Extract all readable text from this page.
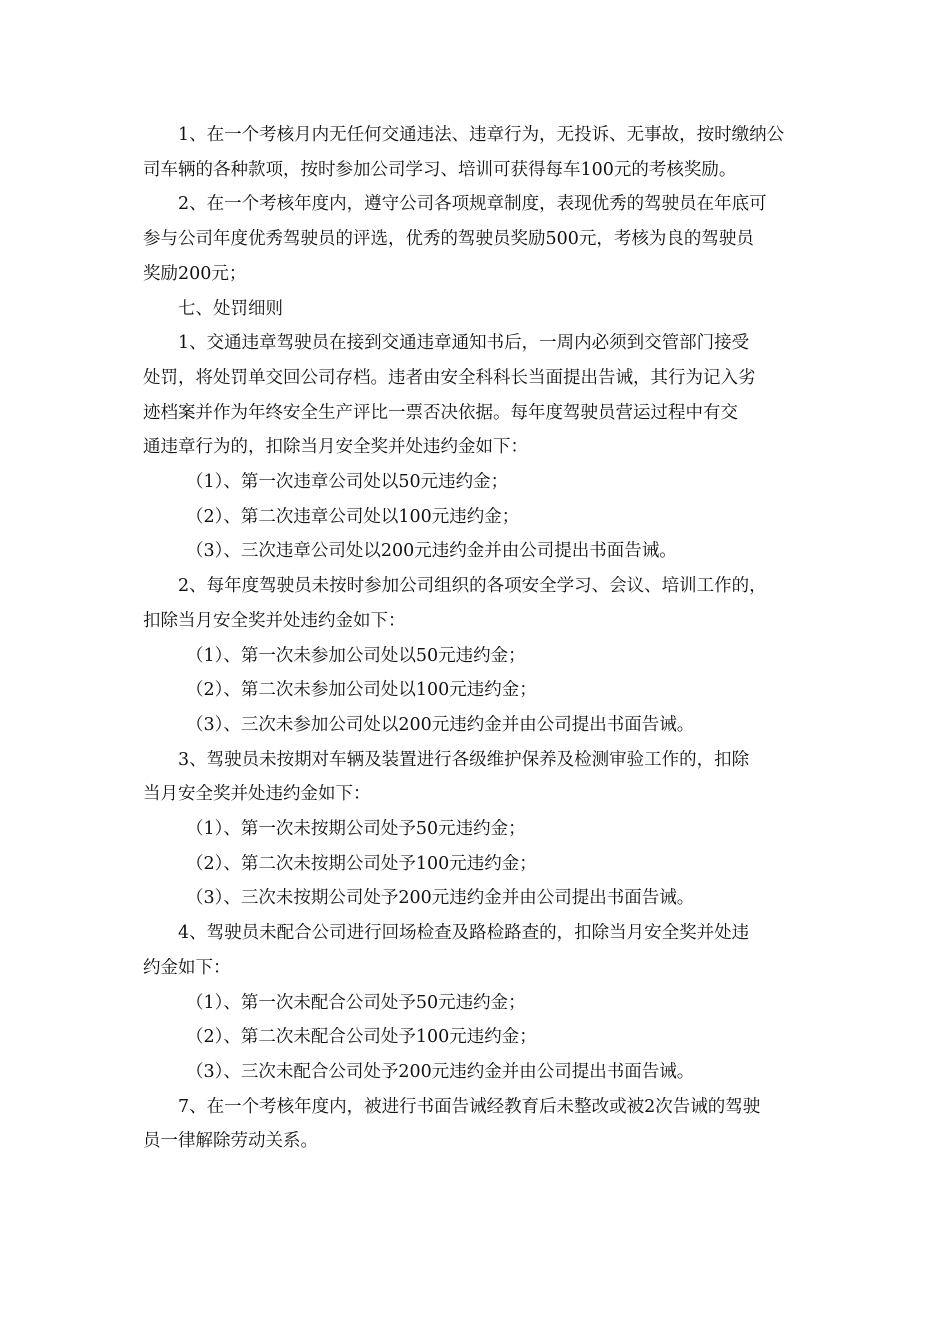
1、在一个考核月内无任何交通违法、违章行为，无投诉、无事故，按时缴纳公

司车辆的各种款项，按时参加公司学习、培训可获得每车100元的考核奖励。

2、在一个考核年度内，遵守公司各项规章制度，表现优秀的驾驶员在年底可

参与公司年度优秀驾驶员的评选，优秀的驾驶员奖励500元，考核为良的驾驶员

奖励200元；

七、处罚细则

1、交通违章驾驶员在接到交通违章通知书后，一周内必须到交管部门接受

处罚，将处罚单交回公司存档。违者由安全科科长当面提出告诫，其行为记入劣

迹档案并作为年终安全生产评比一票否决依据。每年度驾驶员营运过程中有交

通违章行为的，扣除当月安全奖并处违约金如下：

（1）、第一次违章公司处以50元违约金；

（2）、第二次违章公司处以100元违约金；

（3）、三次违章公司处以200元违约金并由公司提出书面告诫。

2、每年度驾驶员未按时参加公司组织的各项安全学习、会议、培训工作的，

扣除当月安全奖并处违约金如下：

（1）、第一次未参加公司处以50元违约金；

（2）、第二次未参加公司处以100元违约金；

（3）、三次未参加公司处以200元违约金并由公司提出书面告诫。

3、驾驶员未按期对车辆及装置进行各级维护保养及检测审验工作的，扣除

当月安全奖并处违约金如下：

（1）、第一次未按期公司处予50元违约金；

（2）、第二次未按期公司处予100元违约金；

（3）、三次未按期公司处予200元违约金并由公司提出书面告诫。

4、驾驶员未配合公司进行回场检查及路检路查的，扣除当月安全奖并处违

约金如下：

（1）、第一次未配合公司处予50元违约金；

（2）、第二次未配合公司处予100元违约金；

（3）、三次未配合公司处予200元违约金并由公司提出书面告诫。

7、在一个考核年度内，被进行书面告诫经教育后未整改或被2次告诫的驾驶

员一律解除劳动关系。
